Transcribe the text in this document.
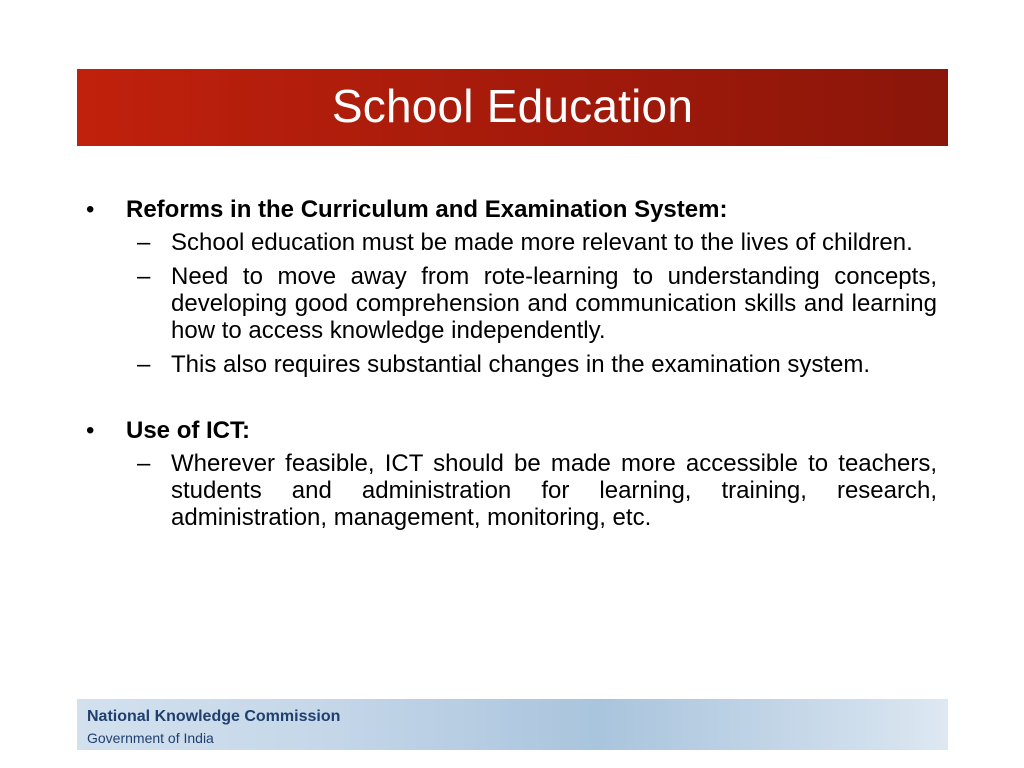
School Education
•	Reforms in the Curriculum and Examination System:
– School education must be made more relevant to the lives of children.
– Need to move away from rote-learning to understanding concepts, developing good comprehension and communication skills and learning how to access knowledge independently.
– This also requires substantial changes in the examination system.
•	Use of ICT:
– Wherever feasible, ICT should be made more accessible to teachers, students and administration for learning, training, research, administration, management, monitoring, etc.
National Knowledge Commission
Government of India
